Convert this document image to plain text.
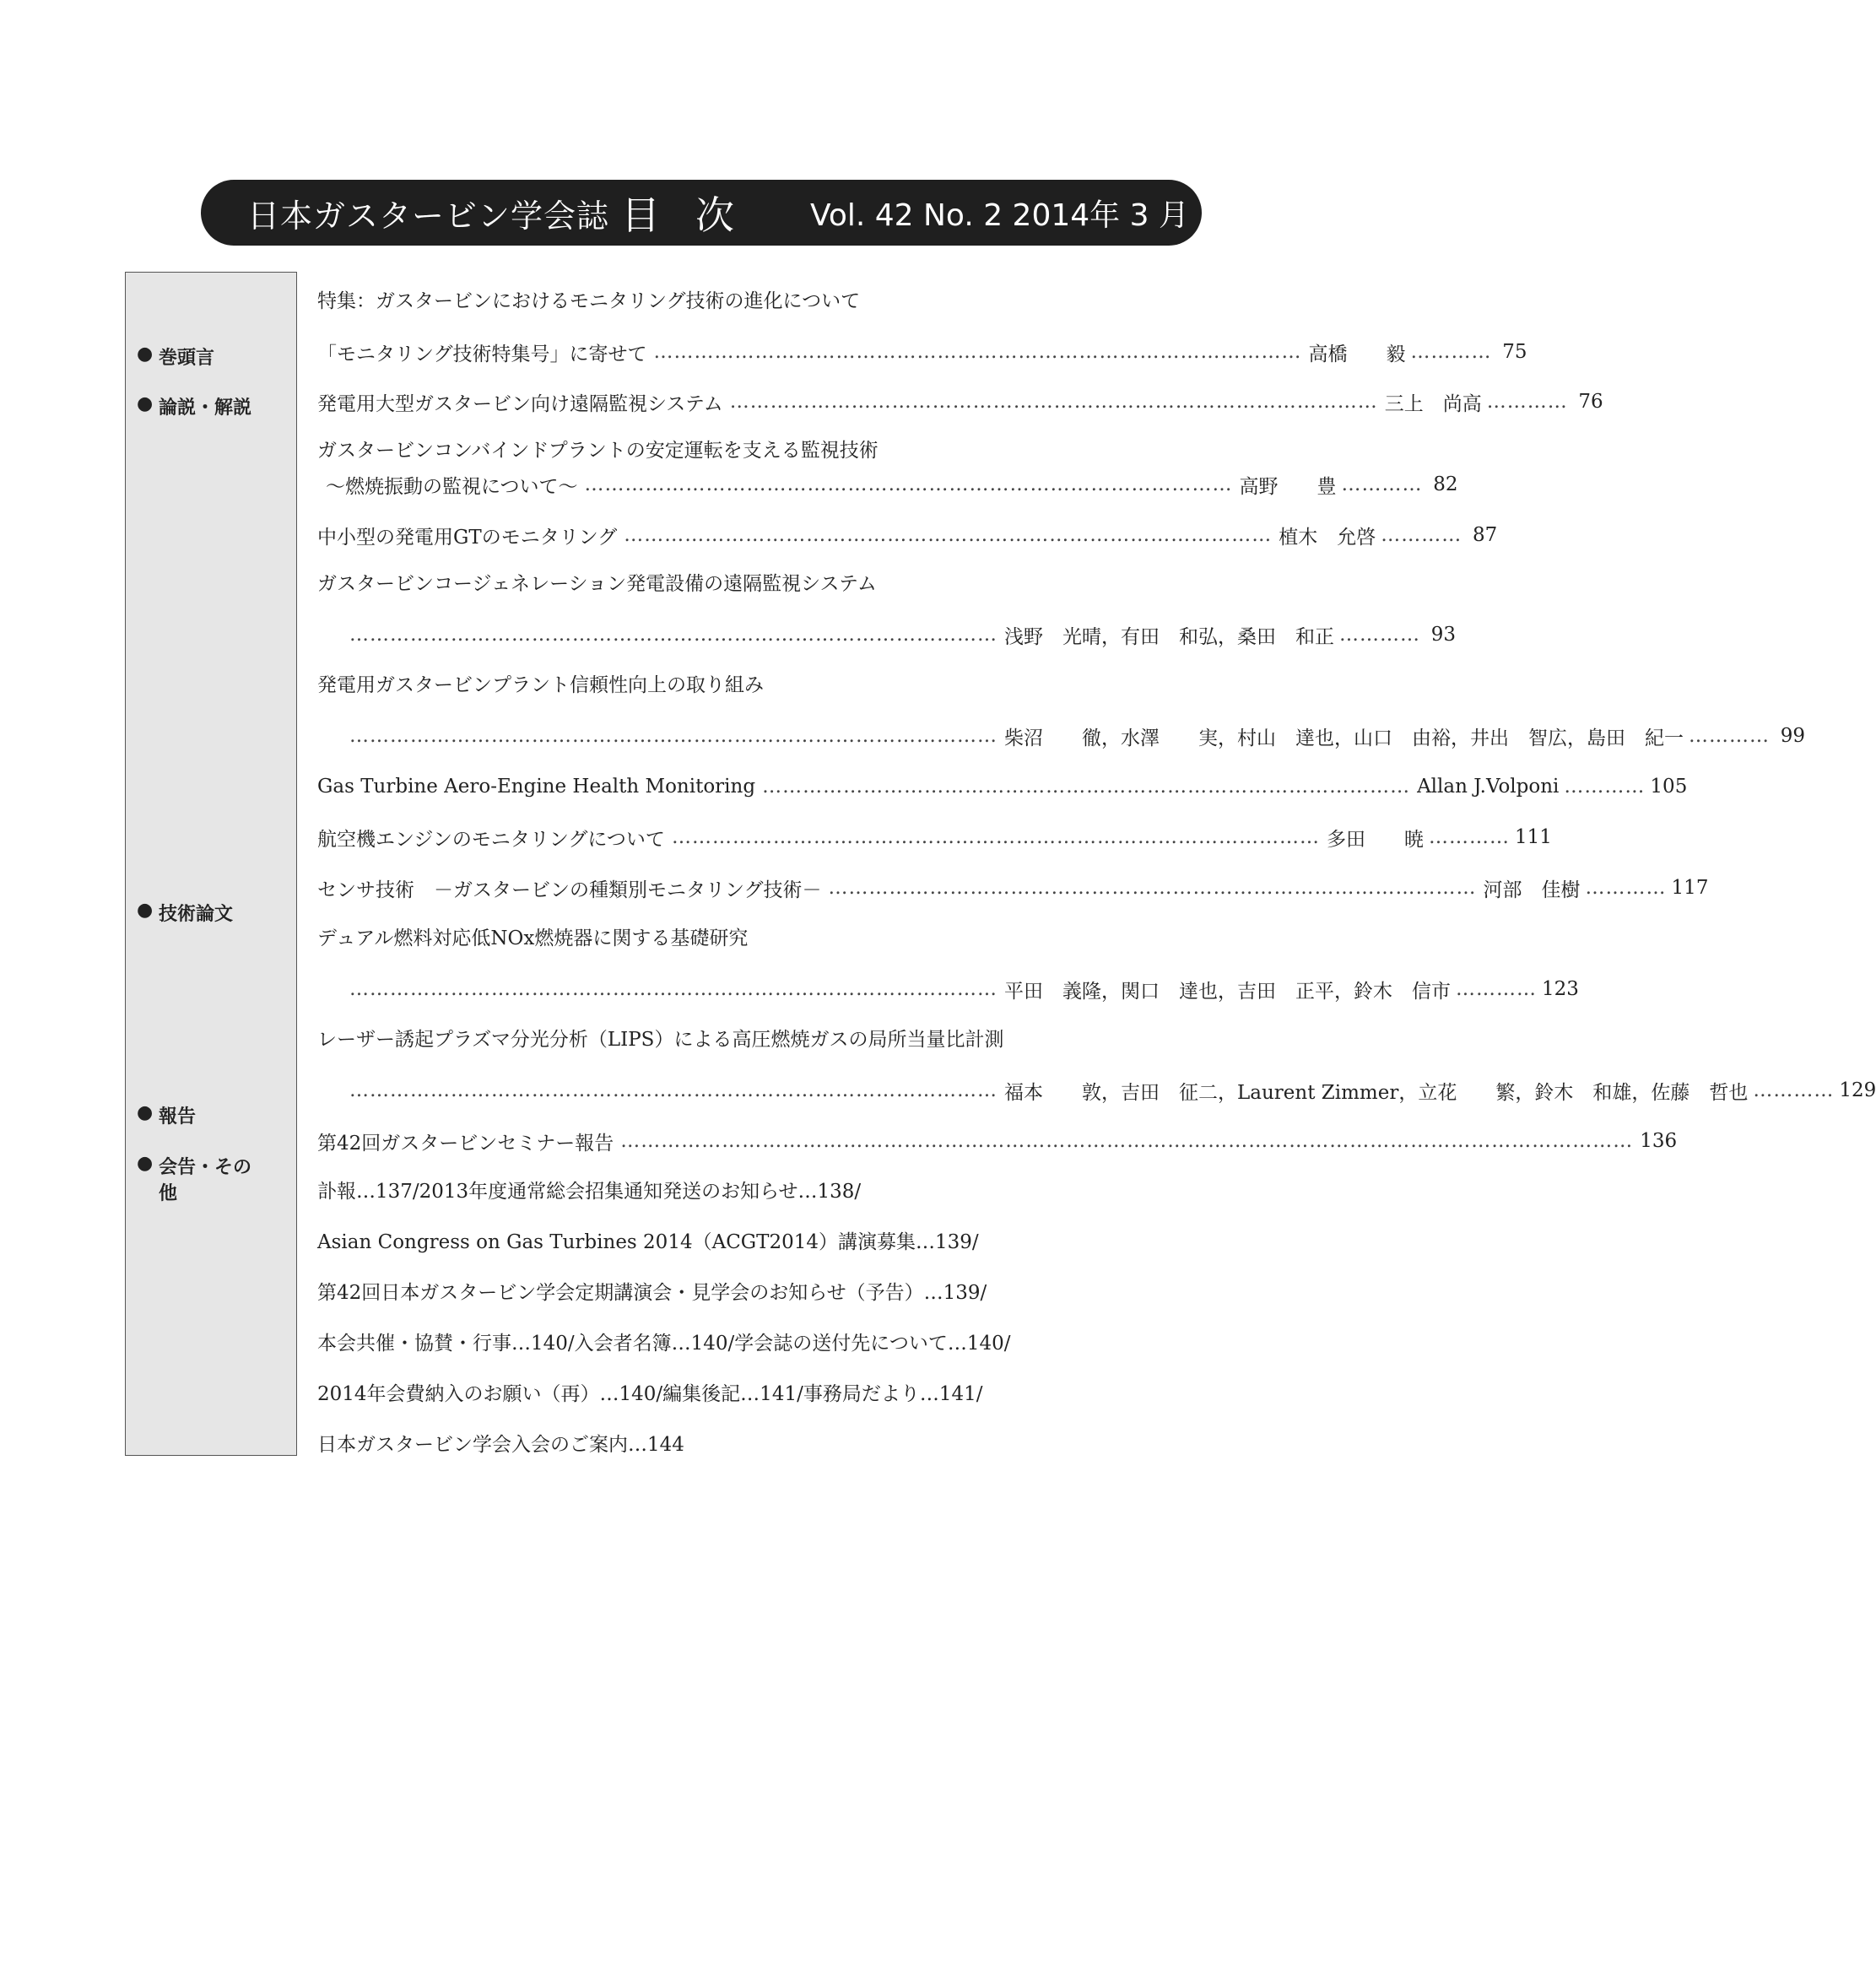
日本ガスタービン学会誌 目次 Vol. 42 No. 2 2014年 3 月
● 巻頭言
● 論説・解説
● 技術論文
● 報告
● 会告・その他
特集：ガスタービンにおけるモニタリング技術の進化について
「モニタリング技術特集号」に寄せて …………………………………………………………………………………… 高橋　　毅 ………… 75
発電用大型ガスタービン向け遠隔監視システム …………………………………………………………………………………… 三上　尚高 ………… 76
ガスタービンコンバインドプラントの安定運転を支える監視技術
～燃焼振動の監視について～ …………………………………………………………………………………… 高野　　豊 ………… 82
中小型の発電用GTのモニタリング …………………………………………………………………………………… 植木　允啓 ………… 87
ガスタービンコージェネレーション発電設備の遠隔監視システム
…………………………………………………………………………………… 浅野　光晴，有田　和弘，桑田　和正 ………… 93
発電用ガスタービンプラント信頼性向上の取り組み
…………………………………………………………………………………… 柴沼　　徹，水澤　　実，村山　達也，山口　由裕，井出　智広，島田　紀一 ………… 99
Gas Turbine Aero-Engine Health Monitoring …………………………………………………………………………………… Allan J.Volponi ………… 105
航空機エンジンのモニタリングについて …………………………………………………………………………………… 多田　　暁 ………… 111
センサ技術　－ガスタービンの種類別モニタリング技術－ …………………………………………………………………………………… 河部　佳樹 ………… 117
デュアル燃料対応低NOx燃焼器に関する基礎研究
…………………………………………………………………………………… 平田　義隆，関口　達也，吉田　正平，鈴木　信市 ………… 123
レーザー誘起プラズマ分光分析（LIPS）による高圧燃焼ガスの局所当量比計測
…………………………………………………………………………………… 福本　　敦，吉田　征二，Laurent Zimmer，立花　　繁，鈴木　和雄，佐藤　哲也 ………… 129
第42回ガスタービンセミナー報告 …………………………………………………………………………………………………………………………………… 136
訃報…137/2013年度通常総会招集通知発送のお知らせ…138/
Asian Congress on Gas Turbines 2014（ACGT2014）講演募集…139/
第42回日本ガスタービン学会定期講演会・見学会のお知らせ（予告）…139/
本会共催・協賛・行事…140/入会者名簿…140/学会誌の送付先について…140/
2014年会費納入のお願い（再）…140/編集後記…141/事務局だより…141/
日本ガスタービン学会入会のご案内…144
